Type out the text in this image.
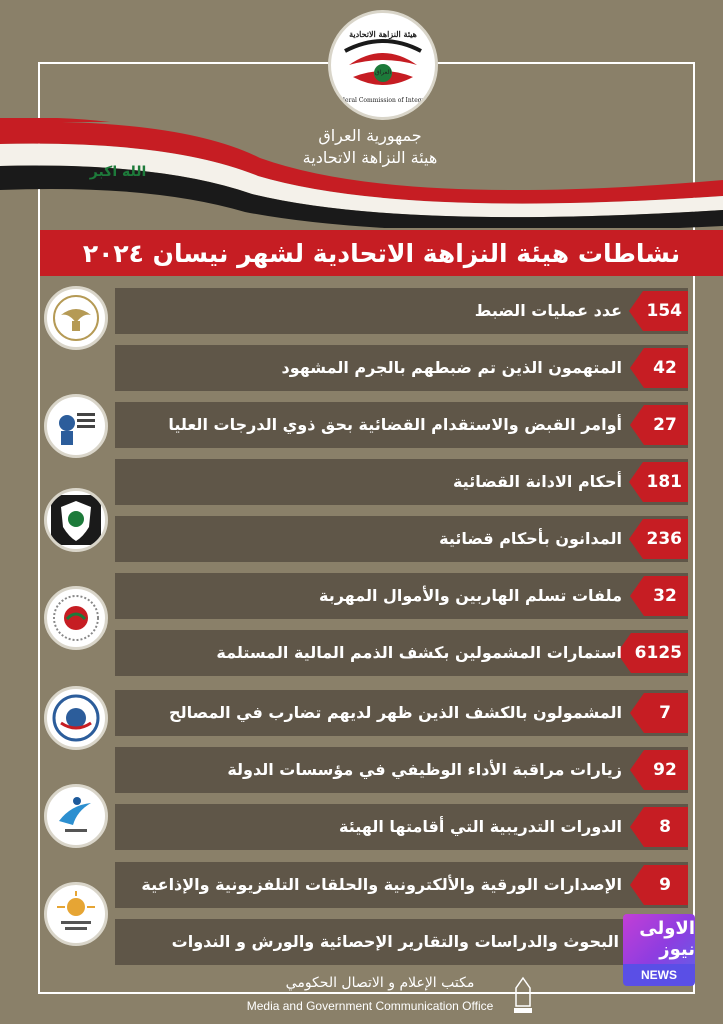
هيئة النزاهة الاتحادية
العراق
Federal Commission of Integrity
جمهورية العراق
هيئة النزاهة الاتحادية
الله اكبر
نشاطات هيئة النزاهة الاتحادية لشهر نيسان ٢٠٢٤
154
عدد عمليات الضبط
42
المتهمون الذين تم ضبطهم بالجرم المشهود
27
أوامر القبض والاستقدام القضائية بحق ذوي الدرجات العليا
181
أحكام الادانة القضائية
236
المدانون بأحكام قضائية
32
ملفات تسلم الهاربين والأموال المهربة
6125
استمارات المشمولين بكشف الذمم المالية المستلمة
7
المشمولون بالكشف الذين ظهر لديهم تضارب في المصالح
92
زيارات مراقبة الأداء الوظيفي في مؤسسات الدولة
8
الدورات التدريبية التي أقامتها الهيئة
9
الإصدارات الورقية والألكترونية والحلقات التلفزيونية والإذاعية
البحوث والدراسات والتقارير الإحصائية والورش و الندوات
مكتب الإعلام و الاتصال الحكومي
Media and Government Communication Office
الاولى نيوز
NEWS
